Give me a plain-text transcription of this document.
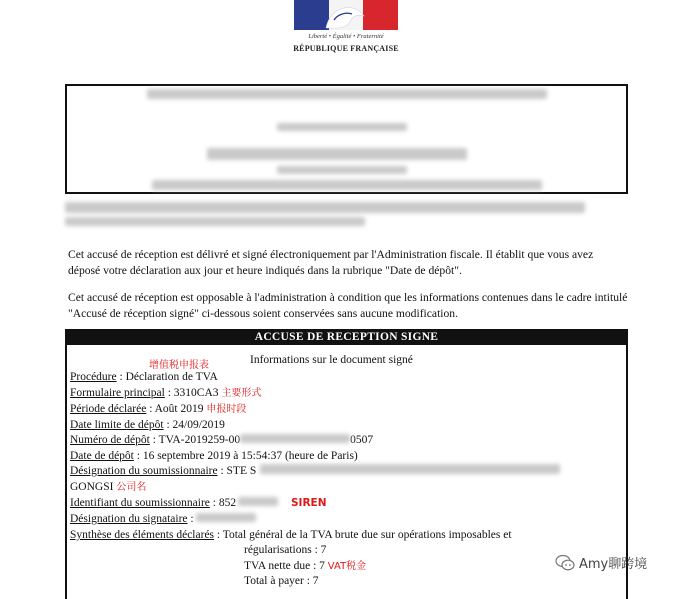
Liberté • Égalité • Fraternité
RÉPUBLIQUE FRANÇAISE
Cet accusé de réception est délivré et signé électroniquement par l'Administration fiscale. Il établit que vous avez déposé votre déclaration aux jour et heure indiqués dans la rubrique "Date de dépôt".
Cet accusé de réception est opposable à l'administration à condition que les informations contenues dans le cadre intitulé "Accusé de réception signé" ci-dessous soient conservées sans aucune modification.
ACCUSE DE RECEPTION SIGNE
增值税申报表	Informations sur le document signé
Procédure : Déclaration de TVA
Formulaire principal : 3310CA3 主要形式
Période déclarée : Août 2019 申报时段
Date limite de dépôt : 24/09/2019
Numéro de dépôt : TVA-2019259-00	0507
Date de dépôt : 16 septembre 2019 à 15:54:37 (heure de Paris)
Désignation du soumissionnaire : STE S
GONGSI 公司名
Identifiant du soumissionnaire : 852	SIREN
Désignation du signataire :
Synthèse des éléments déclarés : Total général de la TVA brute due sur opérations imposables et
régularisations : 7
TVA nette due : 7 VAT税金
Total à payer : 7
Amy聊跨境
